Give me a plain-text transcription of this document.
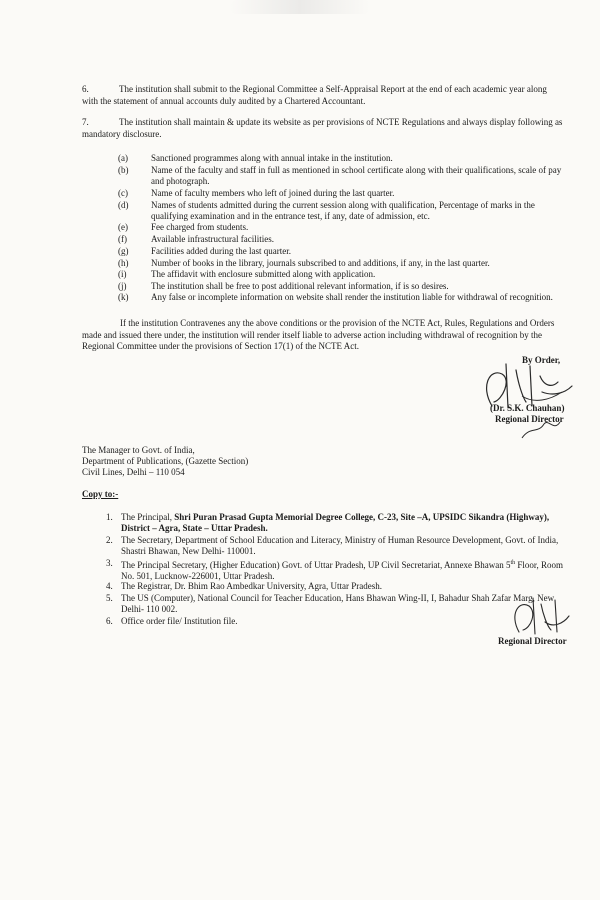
6.	The institution shall submit to the Regional Committee a Self-Appraisal Report at the end of each academic year along with the statement of annual accounts duly audited by a Chartered Accountant.
7.	The institution shall maintain & update its website as per provisions of NCTE Regulations and always display following as mandatory disclosure.
(a)	Sanctioned programmes along with annual intake in the institution.
(b)	Name of the faculty and staff in full as mentioned in school certificate along with their qualifications, scale of pay and photograph.
(c)	Name of faculty members who left of joined during the last quarter.
(d)	Names of students admitted during the current session along with qualification, Percentage of marks in the qualifying examination and in the entrance test, if any, date of admission, etc.
(e)	Fee charged from students.
(f)	Available infrastructural facilities.
(g)	Facilities added during the last quarter.
(h)	Number of books in the library, journals subscribed to and additions, if any, in the last quarter.
(i)	The affidavit with enclosure submitted along with application.
(j)	The institution shall be free to post additional relevant information, if is so desires.
(k)	Any false or incomplete information on website shall render the institution liable for withdrawal of recognition.
If the institution Contravenes any the above conditions or the provision of the NCTE Act, Rules, Regulations and Orders made and issued there under, the institution will render itself liable to adverse action including withdrawal of recognition by the Regional Committee under the provisions of Section 17(1) of the NCTE Act.
By Order,
(Dr. S.K. Chauhan)
Regional Director
The Manager to Govt. of India,
Department of Publications, (Gazette Section)
Civil Lines, Delhi – 110 054
Copy to:-
1. The Principal, Shri Puran Prasad Gupta Memorial Degree College, C-23, Site –A, UPSIDC Sikandra (Highway), District – Agra, State – Uttar Pradesh.
2. The Secretary, Department of School Education and Literacy, Ministry of Human Resource Development, Govt. of India, Shastri Bhawan, New Delhi- 110001.
3. The Principal Secretary, (Higher Education) Govt. of Uttar Pradesh, UP Civil Secretariat, Annexe Bhawan 5th Floor, Room No. 501, Lucknow-226001, Uttar Pradesh.
4. The Registrar, Dr. Bhim Rao Ambedkar University, Agra, Uttar Pradesh.
5. The US (Computer), National Council for Teacher Education, Hans Bhawan Wing-II, I, Bahadur Shah Zafar Marg, New Delhi- 110 002.
6. Office order file/ Institution file.
Regional Director
